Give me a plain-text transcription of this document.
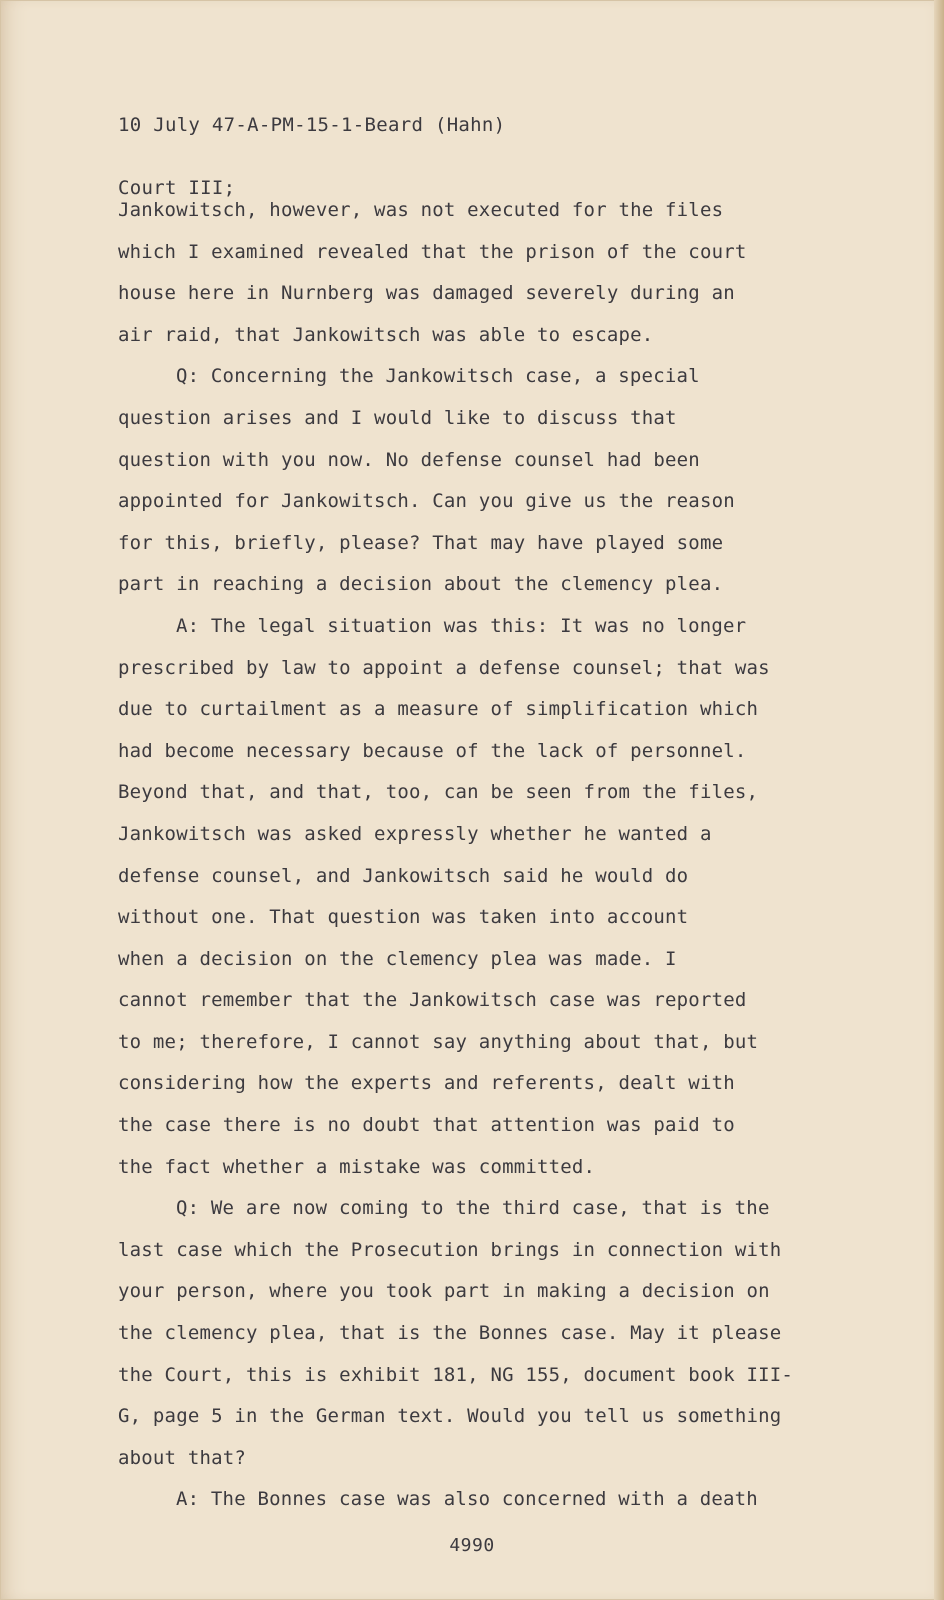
10 July 47-A-PM-15-1-Beard (Hahn)

Court III;

Jankowitsch, however, was not executed for the files
which I examined revealed that the prison of the court
house here in Nurnberg was damaged severely during an
air raid, that Jankowitsch was able to escape.
Q: Concerning the Jankowitsch case, a special
question arises and I would like to discuss that
question with you now. No defense counsel had been
appointed for Jankowitsch. Can you give us the reason
for this, briefly, please? That may have played some
part in reaching a decision about the clemency plea.
A: The legal situation was this: It was no longer
prescribed by law to appoint a defense counsel; that was
due to curtailment as a measure of simplification which
had become necessary because of the lack of personnel.
Beyond that, and that, too, can be seen from the files,
Jankowitsch was asked expressly whether he wanted a
defense counsel, and Jankowitsch said he would do
without one. That question was taken into account
when a decision on the clemency plea was made. I
cannot remember that the Jankowitsch case was reported
to me; therefore, I cannot say anything about that, but
considering how the experts and referents, dealt with
the case there is no doubt that attention was paid to
the fact whether a mistake was committed.
Q: We are now coming to the third case, that is the
last case which the Prosecution brings in connection with
your person, where you took part in making a decision on
the clemency plea, that is the Bonnes case. May it please
the Court, this is exhibit 181, NG 155, document book III-
G, page 5 in the German text. Would you tell us something
about that?
A: The Bonnes case was also concerned with a death
4990
